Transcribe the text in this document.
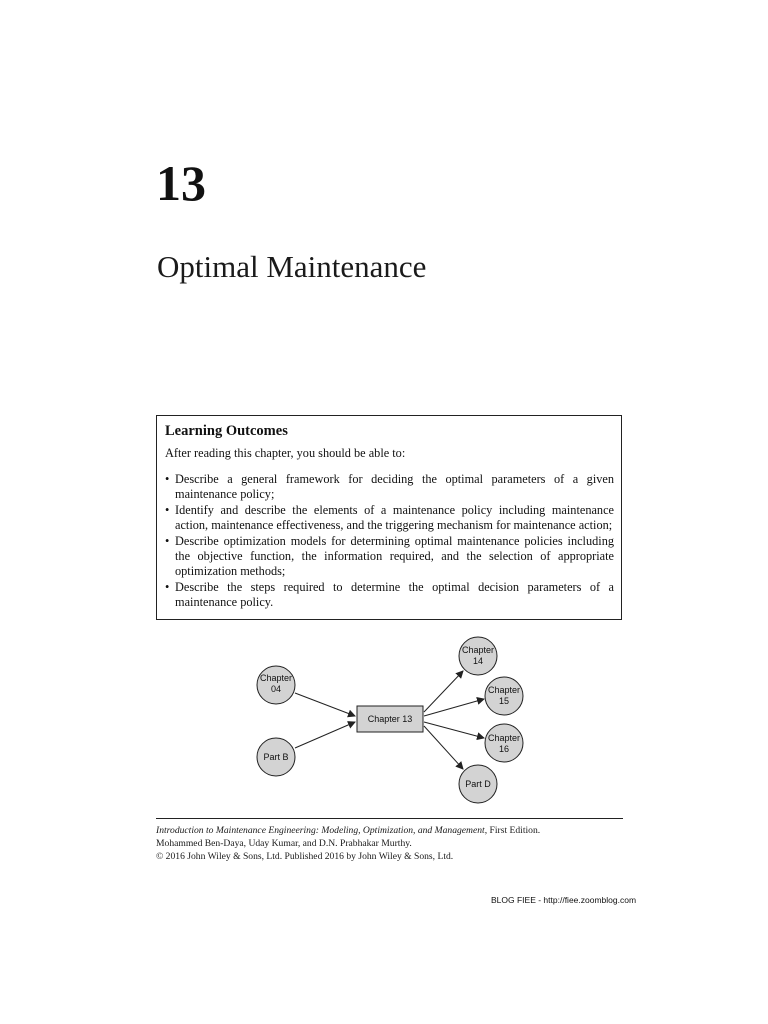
13
Optimal Maintenance

Learning Outcomes

After reading this chapter, you should be able to:

• Describe a general framework for deciding the optimal parameters of a given maintenance policy;
• Identify and describe the elements of a maintenance policy including maintenance action, maintenance effectiveness, and the triggering mechanism for maintenance action;
• Describe optimization models for determining optimal maintenance policies including the objective function, the information required, and the selection of appropriate optimization methods;
• Describe the steps required to determine the optimal decision parameters of a maintenance policy.
Chapter
04
Part B
Chapter 13
Chapter
14
Chapter
15
Chapter
16
Part D

Introduction to Maintenance Engineering: Modeling, Optimization, and Management, First Edition.

Mohammed Ben-Daya, Uday Kumar, and D.N. Prabhakar Murthy.

© 2016 John Wiley & Sons, Ltd. Published 2016 by John Wiley & Sons, Ltd.

BLOG FIEE - http://fiee.zoomblog.com
